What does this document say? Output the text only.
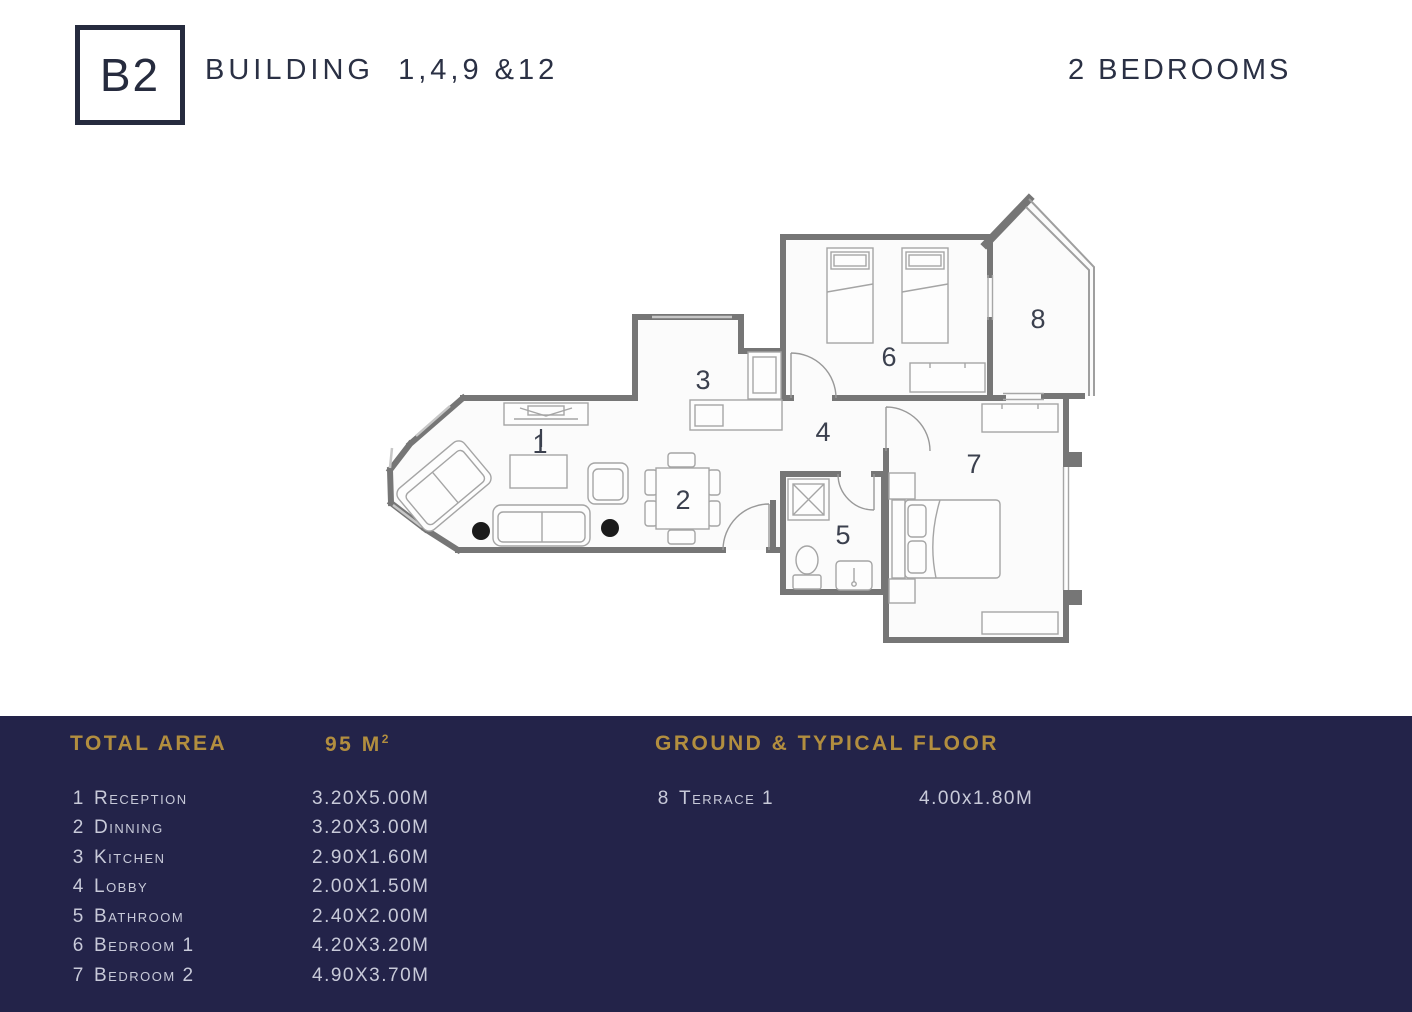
B2 BUILDING  1,4,9 &12	2 BEDROOMS
1
2
3
4
5
6
7
8
TOTAL AREA	95 $M^2$	GROUND & TYPICAL FLOOR
1 Reception	3.20X5.00M
2 Dinning	3.20X3.00M
3 Kitchen	2.90X1.60M
4 Lobby	2.00X1.50M
5 Bathroom	2.40X2.00M
6 Bedroom 1	4.20X3.20M
7 Bedroom 2	4.90X3.70M
8 Terrace 1	4.00x1.80M
